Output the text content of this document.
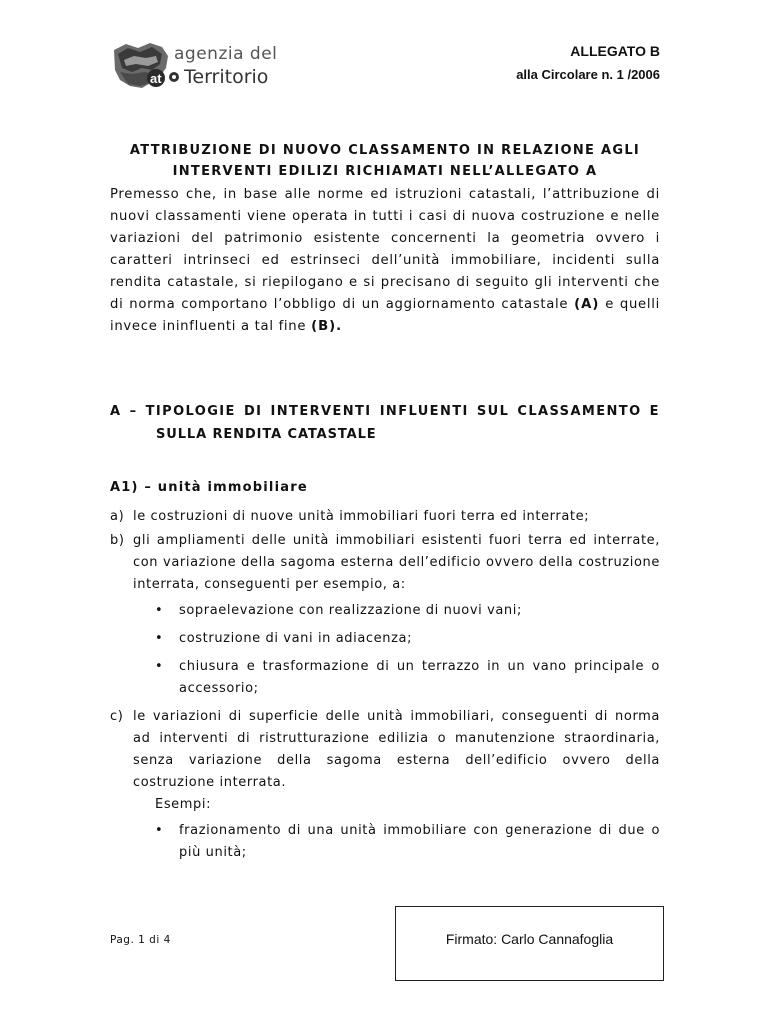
at
agenzia del
Territorio
ALLEGATO B
alla Circolare n. 1 /2006
ATTRIBUZIONE DI NUOVO CLASSAMENTO IN RELAZIONE AGLI
INTERVENTI EDILIZI RICHIAMATI NELL’ALLEGATO A
Premesso che, in base alle norme ed istruzioni catastali, l’attribuzione di nuovi classamenti viene operata in tutti i casi di nuova costruzione e nelle variazioni del patrimonio esistente concernenti la geometria ovvero i caratteri intrinseci ed estrinseci dell’unità immobiliare, incidenti sulla rendita catastale, si riepilogano e si precisano di seguito gli interventi che di norma comportano l’obbligo di un aggiornamento catastale (A) e quelli invece ininfluenti a tal fine (B).
A – TIPOLOGIE DI INTERVENTI INFLUENTI SUL CLASSAMENTO E
SULLA RENDITA CATASTALE
A1) – unità immobiliare
a) le costruzioni di nuove unità immobiliari fuori terra ed interrate;
b) gli ampliamenti delle unità immobiliari esistenti fuori terra ed interrate, con variazione della sagoma esterna dell’edificio ovvero della costruzione interrata, conseguenti per esempio, a:
• sopraelevazione con realizzazione di nuovi vani;
• costruzione di vani in adiacenza;
• chiusura e trasformazione di un terrazzo in un vano principale o accessorio;
c) le variazioni di superficie delle unità immobiliari, conseguenti di norma ad interventi di ristrutturazione edilizia o manutenzione straordinaria, senza variazione della sagoma esterna dell’edificio ovvero della costruzione interrata.
Esempi:
• frazionamento di una unità immobiliare con generazione di due o più unità;
Pag. 1 di 4	Firmato: Carlo Cannafoglia
